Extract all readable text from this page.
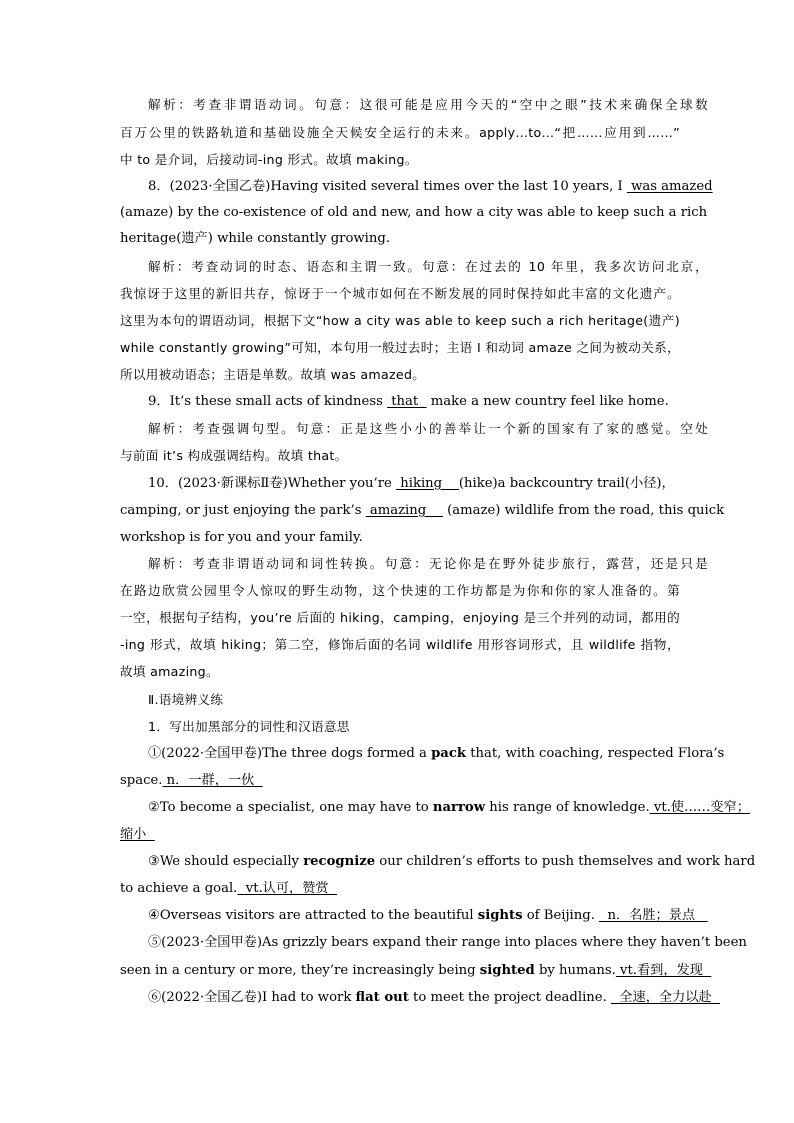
解析：考查非谓语动词。句意：这很可能是应用今天的“空中之眼”技术来确保全球数
百万公里的铁路轨道和基础设施全天候安全运行的未来。apply…to…“把……应用到……”
中 to 是介词，后接动词-ing 形式。故填 making。
8．(2023·全国乙卷)Having visited several times over the last 10 years, I  was amazed
(amaze) by the co-existence of old and new, and how a city was able to keep such a rich
heritage(遗产) while constantly growing.
解析：考查动词的时态、语态和主谓一致。句意：在过去的 10 年里，我多次访问北京，
我惊讶于这里的新旧共存，惊讶于一个城市如何在不断发展的同时保持如此丰富的文化遗产。
这里为本句的谓语动词，根据下文“how a city was able to keep such a rich heritage(遗产)
while constantly growing”可知，本句用一般过去时；主语 I 和动词 amaze 之间为被动关系，
所以用被动语态；主语是单数。故填 was amazed。
9．It’s these small acts of kindness  that   make a new country feel like home.
解析：考查强调句型。句意：正是这些小小的善举让一个新的国家有了家的感觉。空处
与前面 it’s 构成强调结构。故填 that。
10．(2023·新课标Ⅱ卷)Whether you’re  hiking    (hike)a backcountry trail(小径)，
camping, or just enjoying the park’s  amazing     (amaze) wildlife from the road, this quick
workshop is for you and your family.
解析：考查非谓语动词和词性转换。句意：无论你是在野外徒步旅行，露营，还是只是
在路边欣赏公园里令人惊叹的野生动物，这个快速的工作坊都是为你和你的家人准备的。第
一空，根据句子结构，you’re 后面的 hiking，camping，enjoying 是三个并列的动词，都用的
-ing 形式，故填 hiking；第二空，修饰后面的名词 wildlife 用形容词形式，且 wildlife 指物，
故填 amazing。
Ⅱ.语境辨义练
1．写出加黑部分的词性和汉语意思
①(2022·全国甲卷)The three dogs formed a pack that, with coaching, respected Flora’s
space. n．一群，一伙
②To become a specialist, one may have to narrow his range of knowledge. vt.使……变窄；
缩小
③We should especially recognize our children’s efforts to push themselves and work hard
to achieve a goal.  vt.认可，赞赏
④Overseas visitors are attracted to the beautiful sights of Beijing.   n．名胜；景点
⑤(2023·全国甲卷)As grizzly bears expand their range into places where they haven’t been
seen in a century or more, they’re increasingly being sighted by humans. vt.看到，发现
⑥(2022·全国乙卷)I had to work flat out to meet the project deadline.   全速，全力以赴
